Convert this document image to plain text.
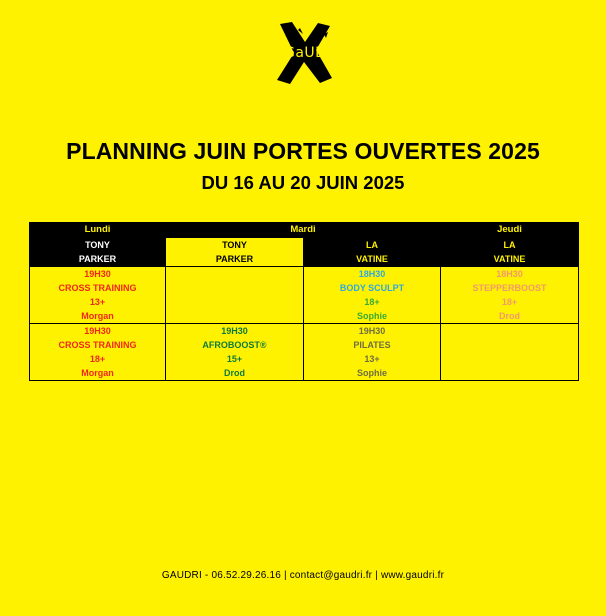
GaUDRI
PLANNING JUIN PORTES OUVERTES 2025
DU 16 AU 20 JUIN 2025
Lundi	Mardi		Jeudi

TONY
PARKER	TONY
PARKER	LA
VATINE	LA
VATINE

19H30
CROSS TRAINING
13+
Morgan		18H30
BODY SCULPT
18+
Sophie	18H30
STEPPERBOOST
18+
Drod

19H30
CROSS TRAINING
18+
Morgan	19H30
AFROBOOST®
15+
Drod	19H30
PILATES
13+
Sophie	

GAUDRI - 06.52.29.26.16 | contact@gaudri.fr | www.gaudri.fr
